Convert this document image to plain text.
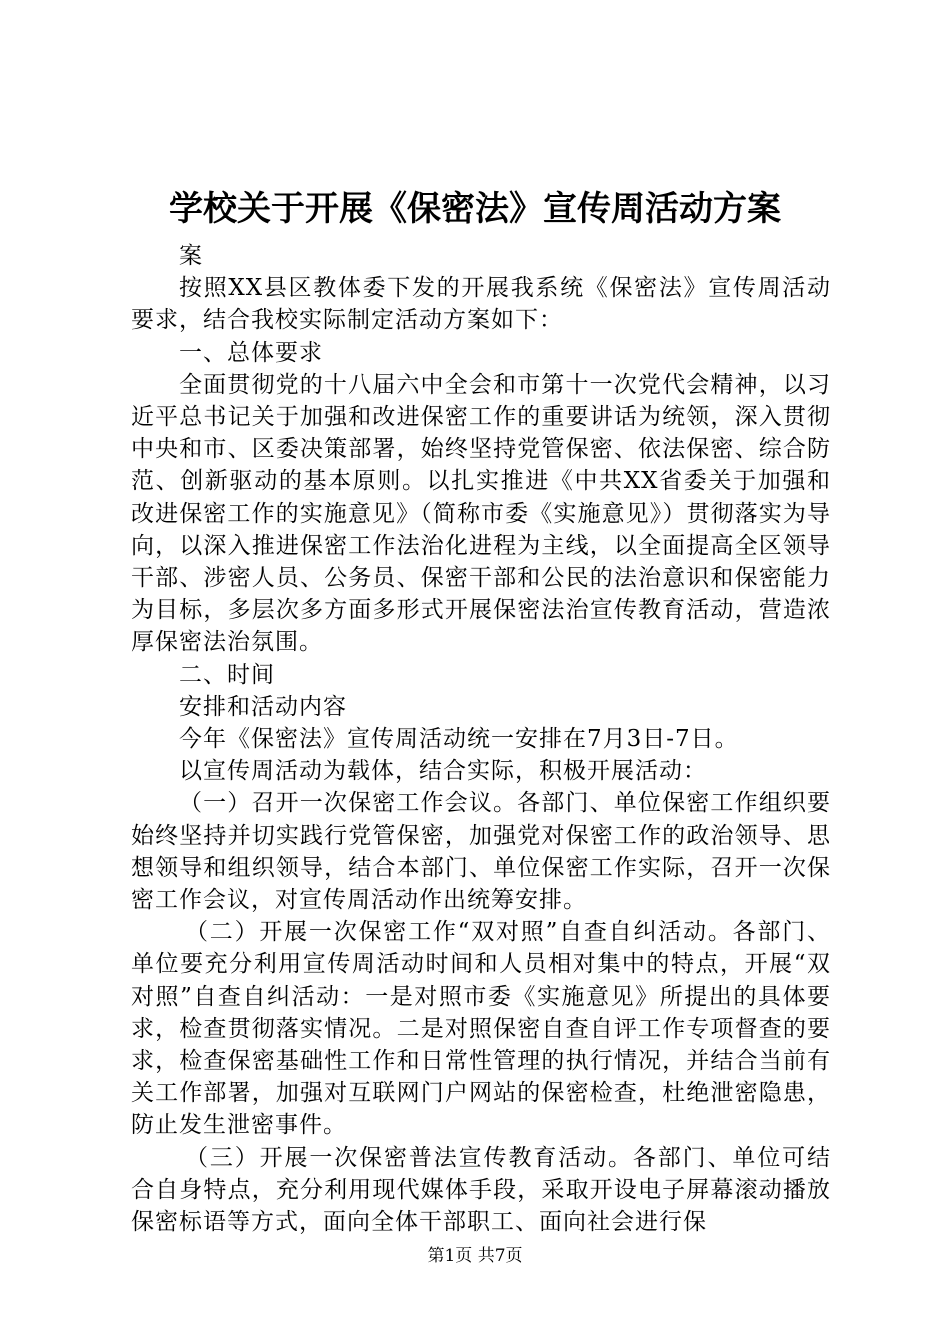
学校关于开展《保密法》宣传周活动方案

案

按照XX县区教体委下发的开展我系统《保密法》宣传周活动要求，结合我校实际制定活动方案如下：

一、总体要求

全面贯彻党的十八届六中全会和市第十一次党代会精神，以习近平总书记关于加强和改进保密工作的重要讲话为统领，深入贯彻中央和市、区委决策部署，始终坚持党管保密、依法保密、综合防范、创新驱动的基本原则。以扎实推进《中共XX省委关于加强和改进保密工作的实施意见》（简称市委《实施意见》）贯彻落实为导向，以深入推进保密工作法治化进程为主线，以全面提高全区领导干部、涉密人员、公务员、保密干部和公民的法治意识和保密能力为目标，多层次多方面多形式开展保密法治宣传教育活动，营造浓厚保密法治氛围。

二、时间

安排和活动内容

今年《保密法》宣传周活动统一安排在7月3日-7日。

以宣传周活动为载体，结合实际，积极开展活动：

（一）召开一次保密工作会议。各部门、单位保密工作组织要始终坚持并切实践行党管保密，加强党对保密工作的政治领导、思想领导和组织领导，结合本部门、单位保密工作实际，召开一次保密工作会议，对宣传周活动作出统筹安排。

（二）开展一次保密工作“双对照”自查自纠活动。各部门、单位要充分利用宣传周活动时间和人员相对集中的特点，开展“双对照”自查自纠活动：一是对照市委《实施意见》所提出的具体要求，检查贯彻落实情况。二是对照保密自查自评工作专项督查的要求，检查保密基础性工作和日常性管理的执行情况，并结合当前有关工作部署，加强对互联网门户网站的保密检查，杜绝泄密隐患，防止发生泄密事件。

（三）开展一次保密普法宣传教育活动。各部门、单位可结合自身特点，充分利用现代媒体手段，采取开设电子屏幕滚动播放保密标语等方式，面向全体干部职工、面向社会进行保

第1页 共7页
